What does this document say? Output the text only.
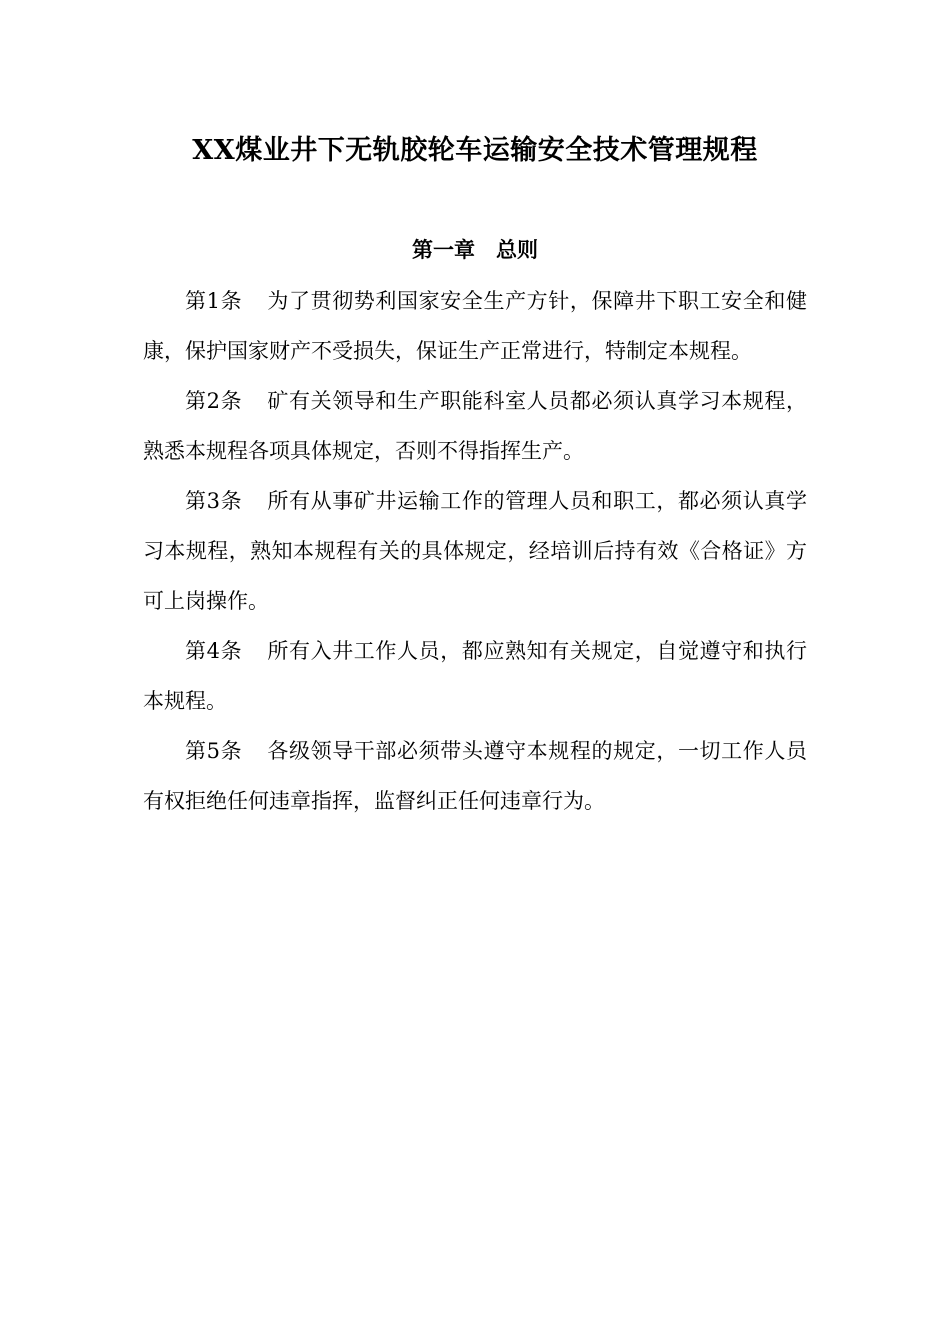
XX煤业井下无轨胶轮车运输安全技术管理规程
第一章　总则

第1条 为了贯彻势利国家安全生产方针，保障井下职工安全和健康，保护国家财产不受损失，保证生产正常进行，特制定本规程。

第2条 矿有关领导和生产职能科室人员都必须认真学习本规程，熟悉本规程各项具体规定，否则不得指挥生产。

第3条 所有从事矿井运输工作的管理人员和职工，都必须认真学习本规程，熟知本规程有关的具体规定，经培训后持有效《合格证》方可上岗操作。

第4条 所有入井工作人员，都应熟知有关规定，自觉遵守和执行本规程。

第5条 各级领导干部必须带头遵守本规程的规定，一切工作人员有权拒绝任何违章指挥，监督纠正任何违章行为。
